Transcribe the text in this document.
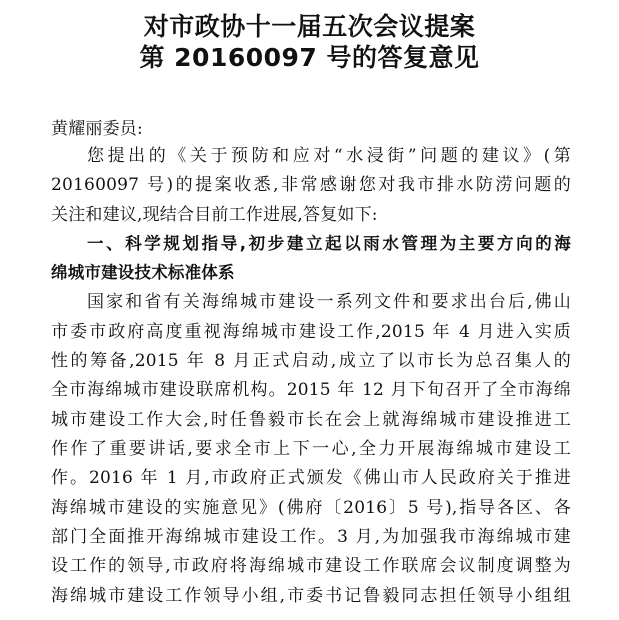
对市政协十一届五次会议提案
第 20160097 号的答复意见
黄耀丽委员:
您提出的《关于预防和应对“水浸街”问题的建议》(第
20160097 号)的提案收悉,非常感谢您对我市排水防涝问题的
关注和建议,现结合目前工作进展,答复如下:
一、科学规划指导,初步建立起以雨水管理为主要方向的海
绵城市建设技术标准体系
国家和省有关海绵城市建设一系列文件和要求出台后,佛山
市委市政府高度重视海绵城市建设工作,2015 年 4 月进入实质
性的筹备,2015 年 8 月正式启动,成立了以市长为总召集人的
全市海绵城市建设联席机构。2015 年 12 月下旬召开了全市海绵
城市建设工作大会,时任鲁毅市长在会上就海绵城市建设推进工
作作了重要讲话,要求全市上下一心,全力开展海绵城市建设工
作。2016 年 1 月,市政府正式颁发《佛山市人民政府关于推进
海绵城市建设的实施意见》(佛府〔2016〕5 号),指导各区、各
部门全面推开海绵城市建设工作。3 月,为加强我市海绵城市建
设工作的领导,市政府将海绵城市建设工作联席会议制度调整为
海绵城市建设工作领导小组,市委书记鲁毅同志担任领导小组组
